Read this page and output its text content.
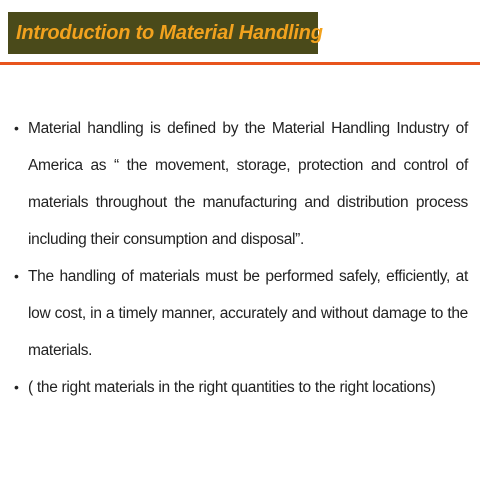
Introduction to Material Handling
• Material handling is defined by the Material Handling Industry of America as “ the movement, storage, protection and control of materials throughout the manufacturing and distribution process including their consumption and disposal”.
• The handling of materials must be performed safely, efficiently, at low cost, in a timely manner, accurately and without damage to the materials.
• ( the right materials in the right quantities to the right locations)
